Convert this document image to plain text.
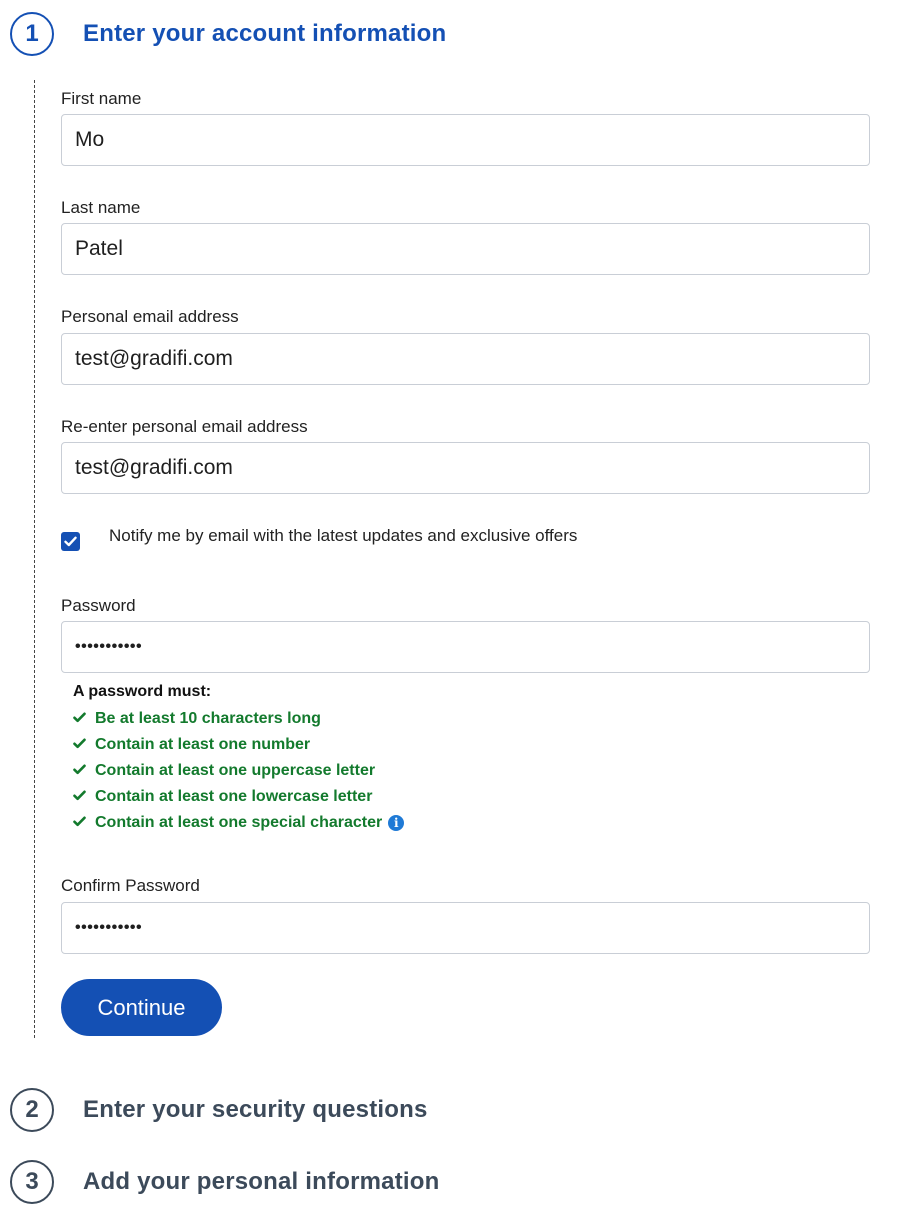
1	Enter your account information
First name
Mo
Last name
Patel
Personal email address
test@gradifi.com
Re-enter personal email address
test@gradifi.com
Notify me by email with the latest updates and exclusive offers
Password
•••••••••••
A password must:
Be at least 10 characters long
Contain at least one number
Contain at least one uppercase letter
Contain at least one lowercase letter
Contain at least one special character i
Confirm Password
•••••••••••
Continue
2	Enter your security questions
3	Add your personal information
